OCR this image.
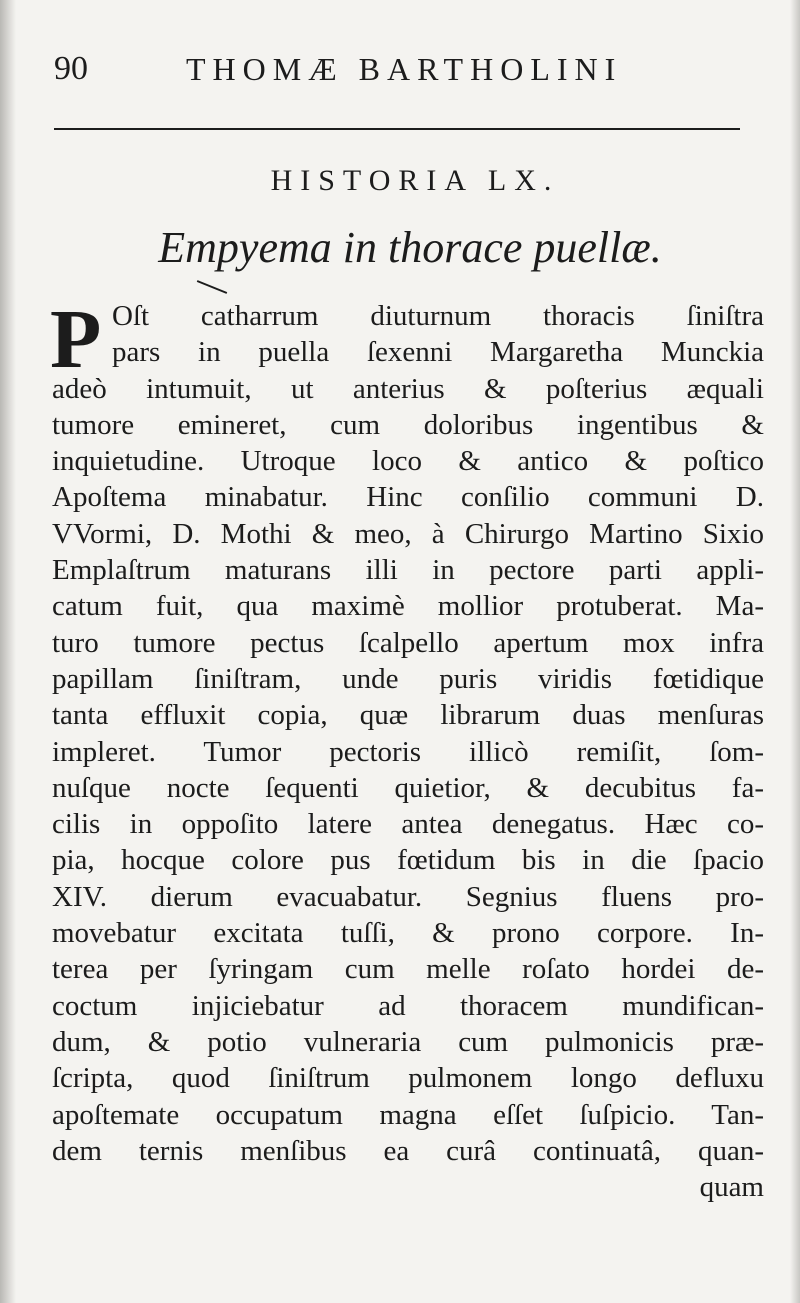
90	THOMÆ BARTHOLINI
HISTORIA LX.
Empyema in thorace puellæ.
P Oſt catharrum diuturnum thoracis ſiniſtra
pars in puella ſexenni Margaretha Munckia
adeò intumuit, ut anterius & poſterius æquali
tumore emineret, cum doloribus ingentibus &
inquietudine. Utroque loco & antico & poſtico
Apoſtema minabatur. Hinc conſilio communi D.
VVormi, D. Mothi & meo, à Chirurgo Martino Sixio
Emplaſtrum maturans illi in pectore parti appli-
catum fuit, qua maximè mollior protuberat. Ma-
turo tumore pectus ſcalpello apertum mox infra
papillam ſiniſtram, unde puris viridis fœtidique
tanta effluxit copia, quæ librarum duas menſuras
impleret. Tumor pectoris illicò remiſit, ſom-
nuſque nocte ſequenti quietior, & decubitus fa-
cilis in oppoſito latere antea denegatus. Hæc co-
pia, hocque colore pus fœtidum bis in die ſpacio
XIV. dierum evacuabatur. Segnius fluens pro-
movebatur excitata tuſſi, & prono corpore. In-
terea per ſyringam cum melle roſato hordei de-
coctum injiciebatur ad thoracem mundifican-
dum, & potio vulneraria cum pulmonicis præ-
ſcripta, quod ſiniſtrum pulmonem longo defluxu
apoſtemate occupatum magna eſſet ſuſpicio. Tan-
dem ternis menſibus ea curâ continuatâ, quan-
quam
